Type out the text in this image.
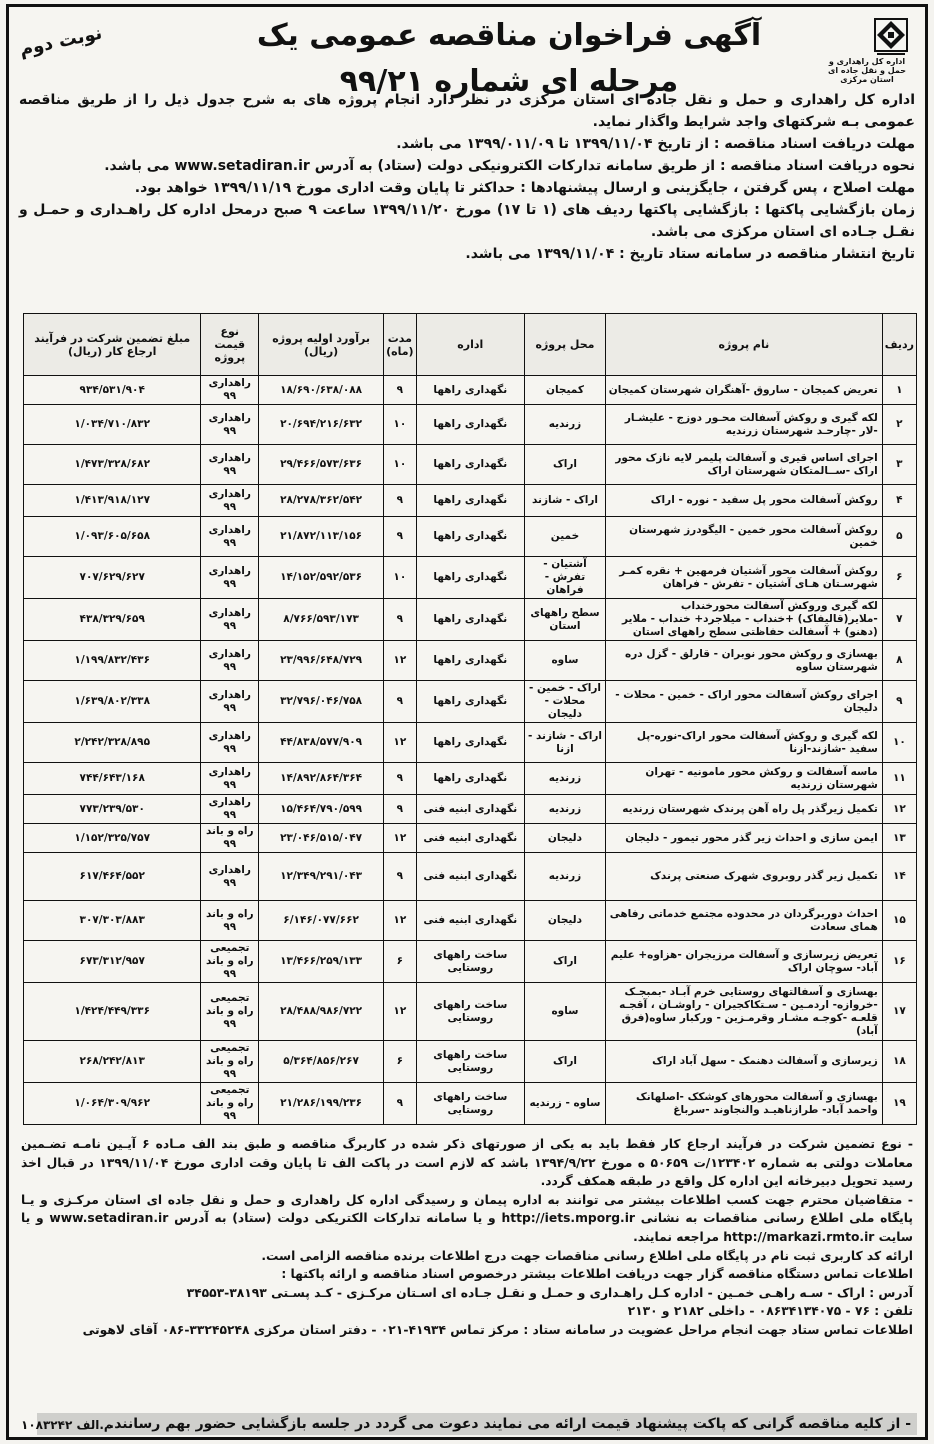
اداره کل راهداری و حمل و نقل جاده ای استان مرکزی
آگهی فراخوان مناقصه عمومی یک مرحله ای شماره ۹۹/۲۱
نوبت دوم

اداره کل راهداری و حمل و نقل جاده ای استان مرکزی در نظر دارد انجام پروژه های به شرح جدول ذیل را از طریق مناقصه عمومی بـه شرکتهای واجد شرایط واگذار نماید.

مهلت دریافت اسناد مناقصه : از تاریخ ۱۳۹۹/۱۱/۰۴ تا ۱۳۹۹/۰۱۱/۰۹ می باشد.

نحوه دریافت اسناد مناقصه : از طریق سامانه تدارکات الکترونیکی دولت (ستاد) به آدرس www.setadiran.ir می باشد.

مهلت اصلاح ، پس گرفتن ، جایگزینی و ارسال پیشنهادها : حداکثر تا پایان وقت اداری مورخ ۱۳۹۹/۱۱/۱۹ خواهد بود.

زمان بازگشایی پاکتها : بازگشایی پاکتها ردیف های (۱ تا ۱۷) مورخ ۱۳۹۹/۱۱/۲۰ ساعت ۹ صبح درمحل اداره کل راهـداری و حمـل و نقـل جـاده ای استان مرکزی می باشد.

تاریخ انتشار مناقصه در سامانه ستاد تاریخ : ۱۳۹۹/۱۱/۰۴ می باشد.

ردیف	نام پروژه	محل پروژه	اداره	مدت (ماه)	برآورد اولیه پروژه (ریال)	نوع قیمت پروژه	مبلغ تضمین شرکت در فرآیند ارجاع کار (ریال)
۱	تعریض کمیجان - ساروق -آهنگران شهرستان کمیجان	کمیجان	نگهداری راهها	۹	۱۸/۶۹۰/۶۳۸/۰۸۸	راهداری ۹۹	۹۳۴/۵۳۱/۹۰۴
۲	لکه گیری و روکش آسفالت محـور دوزج - علیشـار -لار -چارحـد شهرستان زرندیه	زرندیه	نگهداری راهها	۱۰	۲۰/۶۹۴/۲۱۶/۶۳۲	راهداری ۹۹	۱/۰۳۴/۷۱۰/۸۳۲
۳	اجرای اساس قیری و آسفالت پلیمر لایه نازک محور اراک -ســالمتکان شهرستان اراک	اراک	نگهداری راهها	۱۰	۲۹/۴۶۶/۵۷۳/۶۳۶	راهداری ۹۹	۱/۴۷۳/۳۲۸/۶۸۲
۴	روکش آسفالت محور پل سفید - نوره - اراک	اراک - شازند	نگهداری راهها	۹	۲۸/۲۷۸/۳۶۲/۵۴۲	راهداری ۹۹	۱/۴۱۳/۹۱۸/۱۲۷
۵	روکش آسفالت محور خمین - الیگودرز شهرستان خمین	خمین	نگهداری راهها	۹	۲۱/۸۷۲/۱۱۳/۱۵۶	راهداری ۹۹	۱/۰۹۳/۶۰۵/۶۵۸
۶	روکش آسفالت محور آشتیان فرمهین + نقره کمـر شهرسـتان هـای آشتیان - تفرش - فراهان	آشتیان - تفرش - فراهان	نگهداری راهها	۱۰	۱۴/۱۵۲/۵۹۲/۵۳۶	راهداری ۹۹	۷۰۷/۶۲۹/۶۲۷
۷	لکه گیری وروکش آسفالت محورخنداب -ملایر(قالیفاک) +خنداب - میلاجرد+ خنداب - ملایر (دهنو) + آسفالت حفاظتی سطح راههای استان	سطح راههای استان	نگهداری راهها	۹	۸/۷۶۶/۵۹۳/۱۷۳	راهداری ۹۹	۴۳۸/۳۲۹/۶۵۹
۸	بهسازی و روکش محور نوبران - قارلق - گزل دره شهرستان ساوه	ساوه	نگهداری راهها	۱۲	۲۳/۹۹۶/۶۴۸/۷۲۹	راهداری ۹۹	۱/۱۹۹/۸۳۲/۴۳۶
۹	اجرای روکش آسفالت محور اراک - خمین - محلات - دلیجان	اراک - خمین - محلات - دلیجان	نگهداری راهها	۹	۳۲/۷۹۶/۰۴۶/۷۵۸	راهداری ۹۹	۱/۶۳۹/۸۰۲/۳۳۸
۱۰	لکه گیری و روکش آسفالت محور اراک-نوره-پل سفید -شازند-ازنا	اراک - شازند - ازنا	نگهداری راهها	۱۲	۴۴/۸۳۸/۵۷۷/۹۰۹	راهداری ۹۹	۲/۲۴۲/۳۲۸/۸۹۵
۱۱	ماسه آسفالت و روکش محور مامونیه - تهران شهرستان زرندیه	زرندیه	نگهداری راهها	۹	۱۴/۸۹۲/۸۶۴/۳۶۴	راهداری ۹۹	۷۴۴/۶۴۳/۱۶۸
۱۲	تکمیل زیرگذر پل راه آهن پرندک شهرستان زرندیه	زرندیه	نگهداری ابنیه فنی	۹	۱۵/۴۶۴/۷۹۰/۵۹۹	راهداری ۹۹	۷۷۳/۲۳۹/۵۳۰
۱۳	ایمن سازی و احداث زیر گذر محور تیمور - دلیجان	دلیجان	نگهداری ابنیه فنی	۱۲	۲۳/۰۴۶/۵۱۵/۰۴۷	راه و باند ۹۹	۱/۱۵۲/۳۲۵/۷۵۷
۱۴	تکمیل زیر گذر روبروی شهرک صنعتی پرندک	زرندیه	نگهداری ابنیه فنی	۹	۱۲/۳۴۹/۲۹۱/۰۴۳	راهداری ۹۹	۶۱۷/۴۶۴/۵۵۲
۱۵	احداث دوربرگردان در محدوده مجتمع خدماتی رفاهی همای سعادت	دلیجان	نگهداری ابنیه فنی	۱۲	۶/۱۴۶/۰۷۷/۶۶۲	راه و باند ۹۹	۳۰۷/۳۰۳/۸۸۳
۱۶	تعریض زیرسازی و آسفالت مرزیجران -هزاوه+ علیم آباد- سوچان اراک	اراک	ساخت راههای روستایی	۶	۱۳/۴۶۶/۲۵۹/۱۳۳	تجمیعی راه و باند ۹۹	۶۷۳/۳۱۲/۹۵۷
۱۷	بهسازی و آسفالتهای روستایی خرم آبـاد -بمبجـک -خروازه- اردمـین - سـتکاکجیران - راوشـان ، آقجـه قلعـه -کوجـه مشـار وقرمـزین - ورکبار ساوه(فرق آباد)	ساوه	ساخت راههای روستایی	۱۲	۲۸/۴۸۸/۹۸۶/۷۲۲	تجمیعی راه و باند ۹۹	۱/۴۲۴/۴۴۹/۳۳۶
۱۸	زیرسازی و آسفالت دهنمک - سهل آباد اراک	اراک	ساخت راههای روستایی	۶	۵/۳۶۴/۸۵۶/۲۶۷	تجمیعی راه و باند ۹۹	۲۶۸/۲۴۲/۸۱۳
۱۹	بهسازی و آسفالت محورهای کوشکک -اصلهانک واحمد آباد- طرازناهیـد والنجاوند -سرباغ	ساوه - زرندیه	ساخت راههای روستایی	۹	۲۱/۲۸۶/۱۹۹/۲۳۶	تجمیعی راه و باند ۹۹	۱/۰۶۴/۳۰۹/۹۶۲

- نوع تضمین شرکت در فرآیند ارجاع کار فقط باید به یکی از صورتهای ذکر شده در کاربرگ مناقصه و طبق بند الف مـاده ۶ آیـین نامـه تضـمین معاملات دولتی به شماره ۱۲۳۴۰۲/ت ۵۰۶۵۹ ه مورخ ۱۳۹۴/۹/۲۲ باشد که لازم است در پاکت الف تا پایان وقت اداری مورخ ۱۳۹۹/۱۱/۰۴ در قبال اخذ رسید تحویل دبیرخانه این اداره کل واقع در طبقه همکف گردد.

- متقاضیان محترم جهت کسب اطلاعات بیشتر می توانند به اداره پیمان و رسیدگی اداره کل راهداری و حمل و نقل جاده ای استان مرکـزی و یـا پایگاه ملی اطلاع رسانی مناقصات به نشانی http://iets.mporg.ir و یا سامانه تدارکات الکتریکی دولت (ستاد) به آدرس www.setadiran.ir و یا سایت http://markazi.rmto.ir مراجعه نمایند.

ارائه کد کاربری ثبت نام در پایگاه ملی اطلاع رسانی مناقصات جهت درج اطلاعات برنده مناقصه الزامی است.

اطلاعات تماس دستگاه مناقصه گزار جهت دریافت اطلاعات بیشتر درخصوص اسناد مناقصه و ارائه پاکتها :

آدرس : اراک - سـه راهـی خمـین - اداره کـل راهـداری و حمـل و نقـل جـاده ای اسـتان مرکـزی - کـد پسـتی ۳۸۱۹۳-۳۴۵۵۳

تلفن : ۷۶ - ۰۸۶۳۴۱۳۴۰۷۵ - داخلی ۲۱۸۲ و ۲۱۳۰

اطلاعات تماس ستاد جهت انجام مراحل عضویت در سامانه ستاد : مرکز تماس ۴۱۹۳۴-۰۲۱ - دفتر استان مرکزی ۳۳۲۴۵۲۴۸-۰۸۶ آقای لاهوتی

- از کلیه مناقصه گرانی که پاکت پیشنهاد قیمت ارائه می نمایند دعوت می گردد در جلسه بازگشایی حضور بهم رسانند.
م.الف ۱۰۸۳۲۴۲
